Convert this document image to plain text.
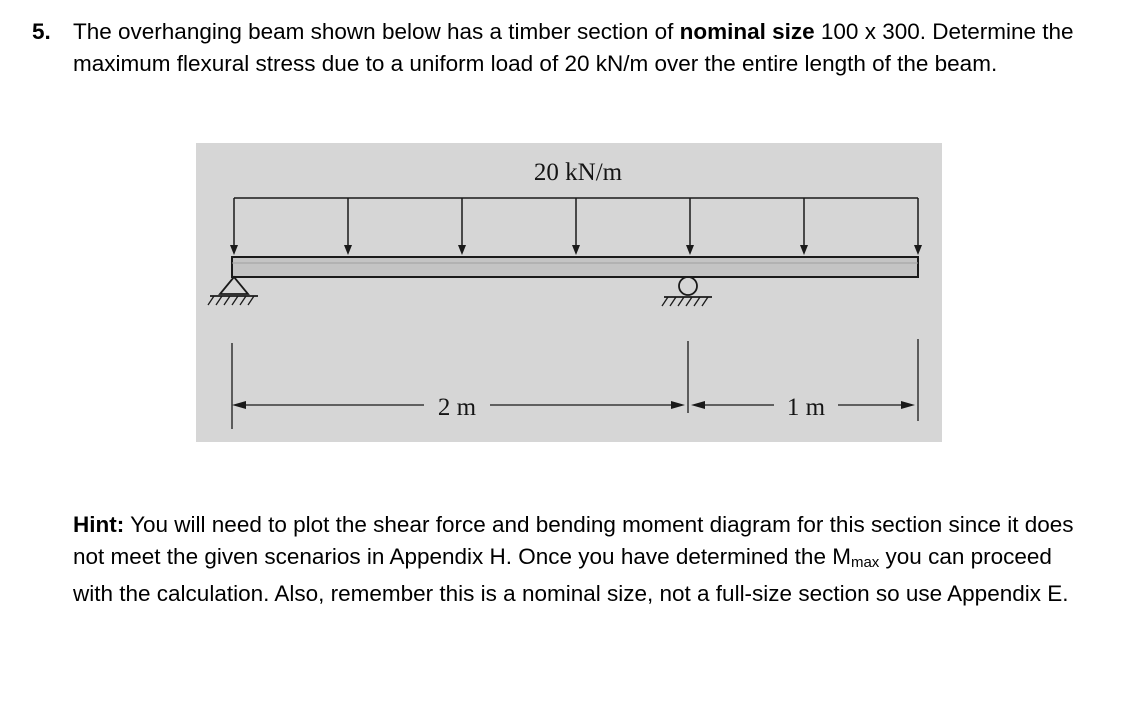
5. The overhanging beam shown below has a timber section of nominal size 100 x 300. Determine the maximum flexural stress due to a uniform load of 20 kN/m over the entire length of the beam.
20 kN/m
2 m	1 m
Hint: You will need to plot the shear force and bending moment diagram for this section since it does not meet the given scenarios in Appendix H. Once you have determined the $M_{max}$ you can proceed with the calculation. Also, remember this is a nominal size, not a full-size section so use Appendix E.
